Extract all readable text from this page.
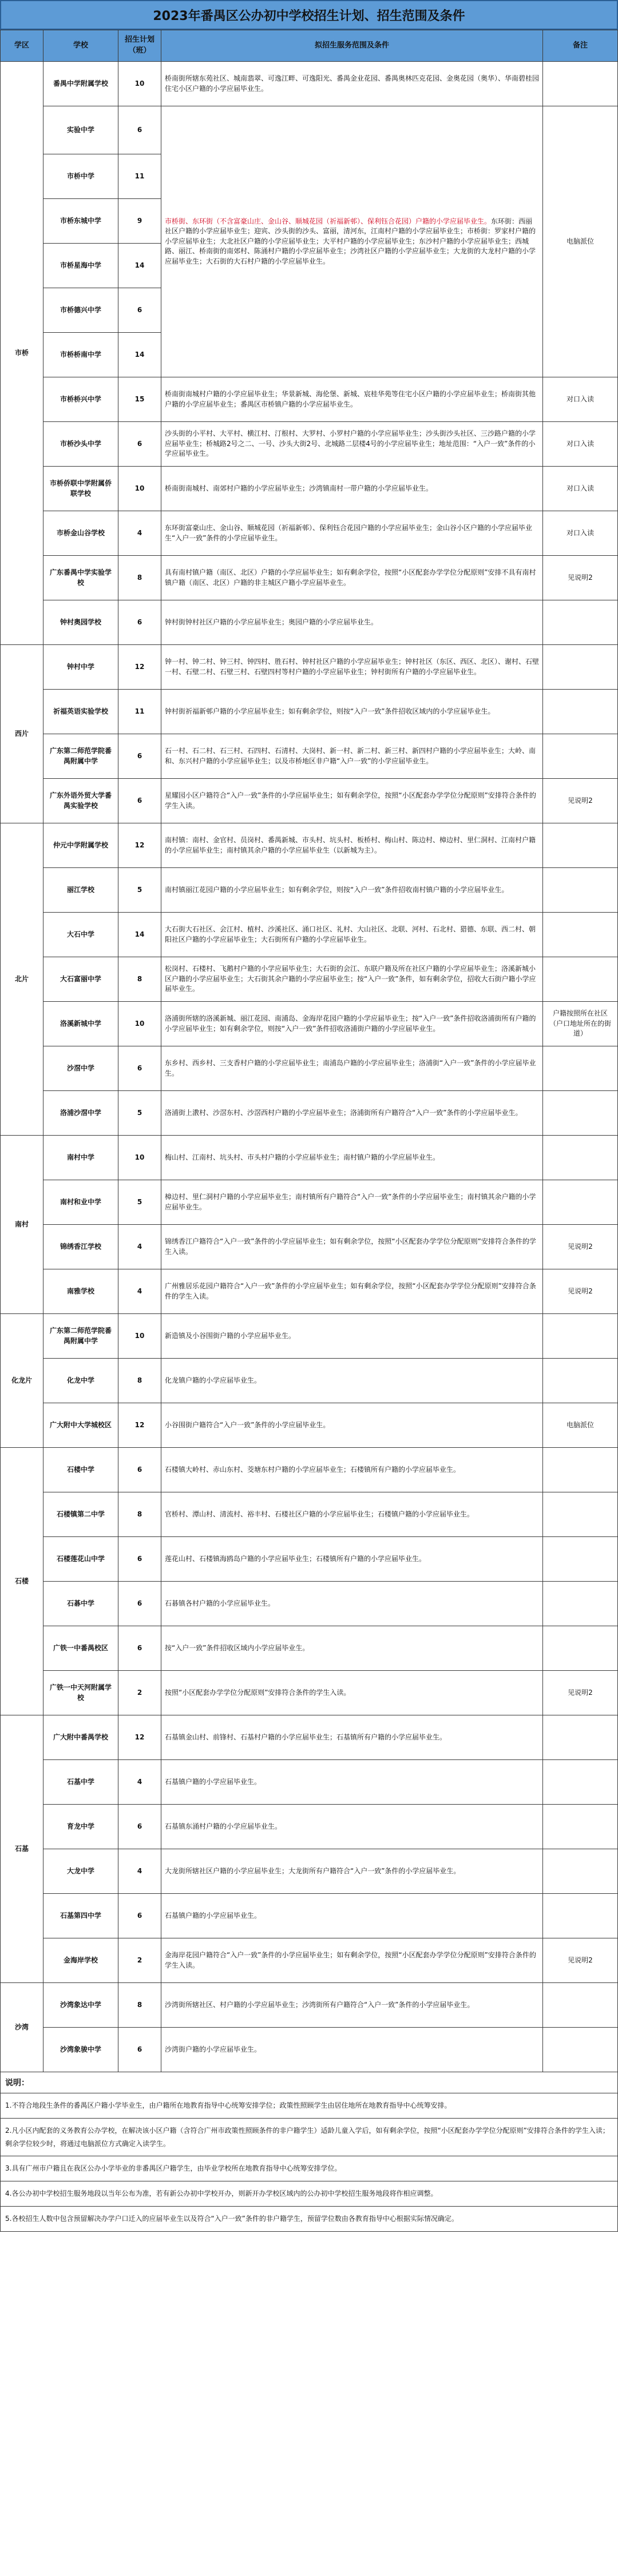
2023年番禺区公办初中学校招生计划、招生范围及条件
学区	学校	招生计划（班）	拟招生服务范围及条件	备注
市桥	番禺中学附属学校	10	桥南街所辖东苑社区、城南翡翠、可逸江畔、可逸阳光、番禺金业花园、番禺奥林匹克花园、金奥花园（奥华）、华南碧桂园住宅小区户籍的小学应届毕业生。	
	实验中学	6	市桥街、东环街（不含富豪山庄、金山谷、顺城花园（祈福新邨）、保利钰合花园）户籍的小学应届毕业生。东环街：西丽社区户籍的小学应届毕业生；迎宾、沙头街的沙头、富丽，清河东，江南村户籍的小学应届毕业生；市桥街：罗家村户籍的小学应届毕业生；大北社区户籍的小学应届毕业生；大平村户籍的小学应届毕业生；东沙村户籍的小学应届毕业生；西城路、丽江、桥南街的南郊村、陈涌村户籍的小学应届毕业生；沙湾社区户籍的小学应届毕业生；大龙街的大龙村户籍的小学应届毕业生；大石街的大石村户籍的小学应届毕业生。	电脑派位
	市桥中学	11		
	市桥东城中学	9		
	市桥星海中学	14		
	市桥德兴中学	6		
	市桥桥南中学	14		
	市桥桥兴中学	15	桥南街南城村户籍的小学应届毕业生；华景新城、海伦堡、新城、宸桂华苑等住宅小区户籍的小学应届毕业生；桥南街其他户籍的小学应届毕业生；番禺区市桥镇户籍的小学应届毕业生。	对口入读
	市桥沙头中学	6	沙头街的小平村、大平村、横江村、汀根村、大罗村、小罗村户籍的小学应届毕业生；沙头街沙头社区、三沙路户籍的小学应届毕业生；桥城路2号之二、一号、沙头大街2号、北城路二层楼4号的小学应届毕业生；地址范围：“入户一致”条件的小学应届毕业生。	对口入读
	市桥侨联中学附属侨联学校	10	桥南街南城村、南郊村户籍的小学应届毕业生；沙湾镇南村一带户籍的小学应届毕业生。	对口入读
	市桥金山谷学校	4	东环街富豪山庄、金山谷、顺城花园（祈福新邨）、保利钰合花园户籍的小学应届毕业生；金山谷小区户籍的小学应届毕业生“入户一致”条件的小学应届毕业生。	对口入读
	广东番禺中学实验学校	8	具有南村镇户籍（南区、北区）户籍的小学应届毕业生；如有剩余学位，按照“小区配套办学学位分配原则”安排不具有南村镇户籍（南区、北区）户籍的非主城区户籍小学应届毕业生。	见说明2
	钟村奥园学校	6	钟村街钟村社区户籍的小学应届毕业生；奥园户籍的小学应届毕业生。	
西片	钟村中学	12	钟一村、钟二村、钟三村、钟四村、胜石村、钟村社区户籍的小学应届毕业生；钟村社区（东区、西区、北区）、谢村、石壁一村、石壁二村、石壁三村、石壁四村等村户籍的小学应届毕业生；钟村街所有户籍的小学应届毕业生。	
	祈福英语实验学校	11	钟村街祈福新邨户籍的小学应届毕业生；如有剩余学位，则按“入户一致”条件招收区域内的小学应届毕业生。	
	广东第二师范学院番禺附属中学	6	石一村、石二村、石三村、石四村、石清村、大岗村、新一村、新二村、新三村、新四村户籍的小学应届毕业生；大岭、南和、东兴村户籍的小学应届毕业生；以及市桥地区非户籍“入户一致”的小学应届毕业生。	
	广东外语外贸大学番禺实验学校	6	星耀园小区户籍符合“入户一致”条件的小学应届毕业生；如有剩余学位，按照“小区配套办学学位分配原则”安排符合条件的学生入读。	见说明2
北片	仲元中学附属学校	12	南村镇：南村、金官村、员岗村、番禺新城、市头村、坑头村、板桥村、梅山村、陈边村、樟边村、里仁洞村、江南村户籍的小学应届毕业生；南村镇其余户籍的小学应届毕业生（以新城为主）。	
	丽江学校	5	南村镇丽江花园户籍的小学应届毕业生；如有剩余学位，则按“入户一致”条件招收南村镇户籍的小学应届毕业生。	
	大石中学	14	大石街大石社区、会江村、植村、沙溪社区、涌口社区、礼村、大山社区、北联、河村、石北村、猎德、东联、西二村、朝阳社区户籍的小学应届毕业生；大石街所有户籍的小学应届毕业生。	
	大石富丽中学	8	松岗村、石楼村、飞鹅村户籍的小学应届毕业生；大石街的会江、东联户籍及所在社区户籍的小学应届毕业生；洛溪新城小区户籍的小学应届毕业生；大石街其余户籍的小学应届毕业生；按“入户一致”条件，如有剩余学位，招收大石街户籍小学应届毕业生。	
	洛溪新城中学	10	洛浦街所辖的洛溪新城、丽江花园、南浦岛、金海岸花园户籍的小学应届毕业生；按“入户一致”条件招收洛浦街所有户籍的小学应届毕业生；如有剩余学位，则按“入户一致”条件招收洛浦街户籍的小学应届毕业生。	户籍按照所在社区（户口地址所在的街道）
	沙滘中学	6	东乡村、西乡村、三支香村户籍的小学应届毕业生；南浦岛户籍的小学应届毕业生；洛浦街“入户一致”条件的小学应届毕业生。	
	洛浦沙滘中学	5	洛浦街上漖村、沙滘东村、沙滘西村户籍的小学应届毕业生；洛浦街所有户籍符合“入户一致”条件的小学应届毕业生。	
南村	南村中学	10	梅山村、江南村、坑头村、市头村户籍的小学应届毕业生；南村镇户籍的小学应届毕业生。	
	南村和业中学	5	樟边村、里仁洞村户籍的小学应届毕业生；南村镇所有户籍符合“入户一致”条件的小学应届毕业生；南村镇其余户籍的小学应届毕业生。	
	锦绣香江学校	4	锦绣香江户籍符合“入户一致”条件的小学应届毕业生；如有剩余学位，按照“小区配套办学学位分配原则”安排符合条件的学生入读。	见说明2
	南雅学校	4	广州雅居乐花园户籍符合“入户一致”条件的小学应届毕业生；如有剩余学位，按照“小区配套办学学位分配原则”安排符合条件的学生入读。	见说明2
化龙片	广东第二师范学院番禺附属中学	10	新造镇及小谷围街户籍的小学应届毕业生。	
	化龙中学	8	化龙镇户籍的小学应届毕业生。	
	广大附中大学城校区	12	小谷围街户籍符合“入户一致”条件的小学应届毕业生。	电脑派位
石楼	石楼中学	6	石楼镇大岭村、赤山东村、茭塘东村户籍的小学应届毕业生；石楼镇所有户籍的小学应届毕业生。	
	石楼镇第二中学	8	官桥村、潭山村、清流村、裕丰村、石楼社区户籍的小学应届毕业生；石楼镇户籍的小学应届毕业生。	
	石楼莲花山中学	6	莲花山村、石楼镇海鸥岛户籍的小学应届毕业生；石楼镇所有户籍的小学应届毕业生。	
	石碁中学	6	石碁镇各村户籍的小学应届毕业生。	
	广铁一中番禺校区	6	按“入户一致”条件招收区域内小学应届毕业生。	
	广铁一中天河附属学校	2	按照“小区配套办学学位分配原则”安排符合条件的学生入读。	见说明2
石基	广大附中番禺学校	12	石基镇金山村、前锋村、石基村户籍的小学应届毕业生；石基镇所有户籍的小学应届毕业生。	
	石基中学	4	石基镇户籍的小学应届毕业生。	
	育龙中学	6	石基镇东涌村户籍的小学应届毕业生。	
	大龙中学	4	大龙街所辖社区户籍的小学应届毕业生；大龙街所有户籍符合“入户一致”条件的小学应届毕业生。	
	石基第四中学	6	石基镇户籍的小学应届毕业生。	
	金海岸学校	2	金海岸花园户籍符合“入户一致”条件的小学应届毕业生；如有剩余学位，按照“小区配套办学学位分配原则”安排符合条件的学生入读。	见说明2
沙湾	沙湾象达中学	8	沙湾街所辖社区、村户籍的小学应届毕业生；沙湾街所有户籍符合“入户一致”条件的小学应届毕业生。	
	沙湾象骏中学	6	沙湾街户籍的小学应届毕业生。	
说明：
1.不符合地段生条件的番禺区户籍小学毕业生，由户籍所在地教育指导中心统筹安排学位；政策性照顾学生由居住地所在地教育指导中心统筹安排。
2.凡小区内配套的义务教育公办学校，在解决该小区户籍（含符合广州市政策性照顾条件的非户籍学生）适龄儿童入学后，如有剩余学位，按照“小区配套办学学位分配原则”安排符合条件的学生入读；剩余学位较少时，将通过电脑派位方式确定入读学生。
3.具有广州市户籍且在我区公办小学毕业的非番禺区户籍学生，由毕业学校所在地教育指导中心统筹安排学位。
4.各公办初中学校招生服务地段以当年公布为准，若有新公办初中学校开办，则新开办学校区域内的公办初中学校招生服务地段将作相应调整。
5.各校招生人数中包含预留解决办学户口迁入的应届毕业生以及符合“入户一致”条件的非户籍学生，预留学位数由各教育指导中心根据实际情况确定。
